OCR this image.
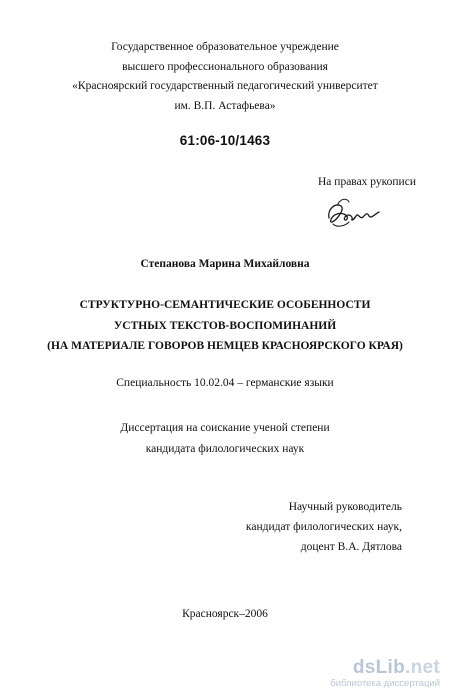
Государственное образовательное учреждение
высшего профессионального образования
«Красноярский государственный педагогический университет
им. В.П. Астафьева»
61:06-10/1463
На правах рукописи
Степанова Марина Михайловна
СТРУКТУРНО-СЕМАНТИЧЕСКИЕ ОСОБЕННОСТИ
УСТНЫХ ТЕКСТОВ-ВОСПОМИНАНИЙ
(НА МАТЕРИАЛЕ ГОВОРОВ НЕМЦЕВ КРАСНОЯРСКОГО КРАЯ)
Специальность 10.02.04 – германские языки
Диссертация на соискание ученой степени
кандидата филологических наук
Научный руководитель
кандидат филологических наук,
доцент В.А. Дятлова
Красноярск–2006
dsLib.net
библиотека диссертаций
